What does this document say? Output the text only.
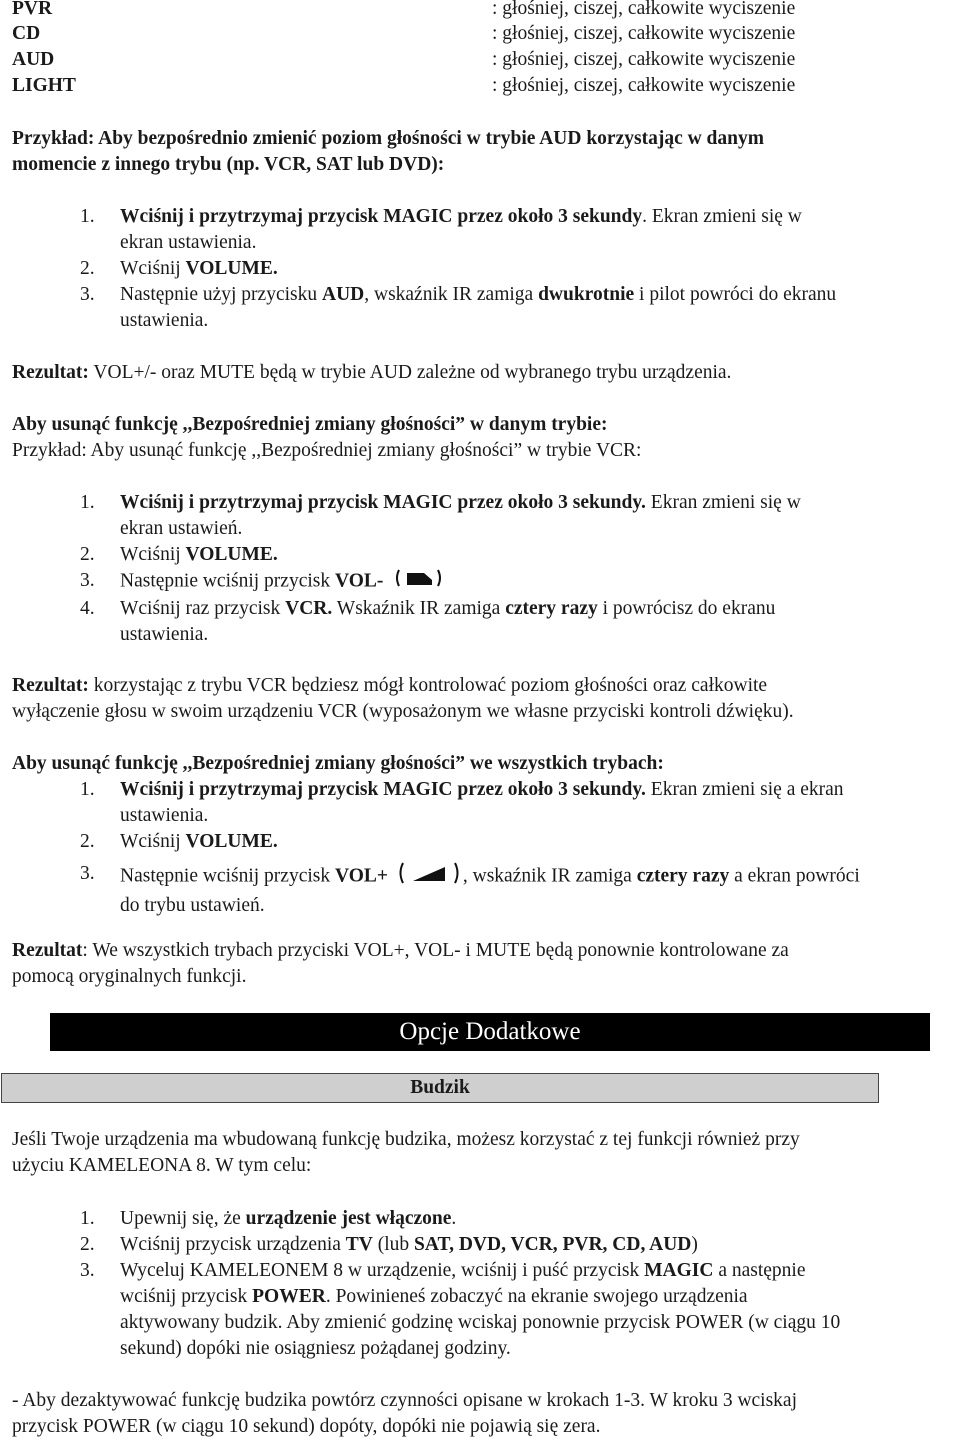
PVR	: głośniej, ciszej, całkowite wyciszenie
CD	: głośniej, ciszej, całkowite wyciszenie
AUD	: głośniej, ciszej, całkowite wyciszenie
LIGHT	: głośniej, ciszej, całkowite wyciszenie
Przykład: Aby bezpośrednio zmienić poziom głośności w trybie AUD korzystając w danym
momencie z innego trybu (np. VCR, SAT lub DVD):
1. Wciśnij i przytrzymaj przycisk MAGIC przez około 3 sekundy. Ekran zmieni się w
ekran ustawienia.
2. Wciśnij VOLUME.
3. Następnie użyj przycisku AUD, wskaźnik IR zamiga dwukrotnie i pilot powróci do ekranu
ustawienia.
Rezultat: VOL+/- oraz MUTE będą w trybie AUD zależne od wybranego trybu urządzenia.
Aby usunąć funkcję ,,Bezpośredniej zmiany głośności” w danym trybie:
Przykład: Aby usunąć funkcję ,,Bezpośredniej zmiany głośności” w trybie VCR:
1. Wciśnij i przytrzymaj przycisk MAGIC przez około 3 sekundy. Ekran zmieni się w
ekran ustawień.
2. Wciśnij VOLUME.
3. Następnie wciśnij przycisk VOL-
4. Wciśnij raz przycisk VCR. Wskaźnik IR zamiga cztery razy i powrócisz do ekranu
ustawienia.
Rezultat: korzystając z trybu VCR będziesz mógł kontrolować poziom głośności oraz całkowite
wyłączenie głosu w swoim urządzeniu VCR (wyposażonym we własne przyciski kontroli dźwięku).
Aby usunąć funkcję ,,Bezpośredniej zmiany głośności” we wszystkich trybach:
1. Wciśnij i przytrzymaj przycisk MAGIC przez około 3 sekundy. Ekran zmieni się a ekran
ustawienia.
2. Wciśnij VOLUME.
3. Następnie wciśnij przycisk VOL+	, wskaźnik IR zamiga cztery razy a ekran powróci
do trybu ustawień.
Rezultat: We wszystkich trybach przyciski VOL+, VOL- i MUTE będą ponownie kontrolowane za
pomocą oryginalnych funkcji.
Opcje Dodatkowe
Budzik
Jeśli Twoje urządzenia ma wbudowaną funkcję budzika, możesz korzystać z tej funkcji również przy
użyciu KAMELEONA 8. W tym celu:
1. Upewnij się, że urządzenie jest włączone.
2. Wciśnij przycisk urządzenia TV (lub SAT, DVD, VCR, PVR, CD, AUD)
3. Wyceluj KAMELEONEM 8 w urządzenie, wciśnij i puść przycisk MAGIC a następnie
wciśnij przycisk POWER. Powinieneś zobaczyć na ekranie swojego urządzenia
aktywowany budzik. Aby zmienić godzinę wciskaj ponownie przycisk POWER (w ciągu 10
sekund) dopóki nie osiągniesz pożądanej godziny.
- Aby dezaktywować funkcję budzika powtórz czynności opisane w krokach 1-3. W kroku 3 wciskaj
przycisk POWER (w ciągu 10 sekund) dopóty, dopóki nie pojawią się zera.
